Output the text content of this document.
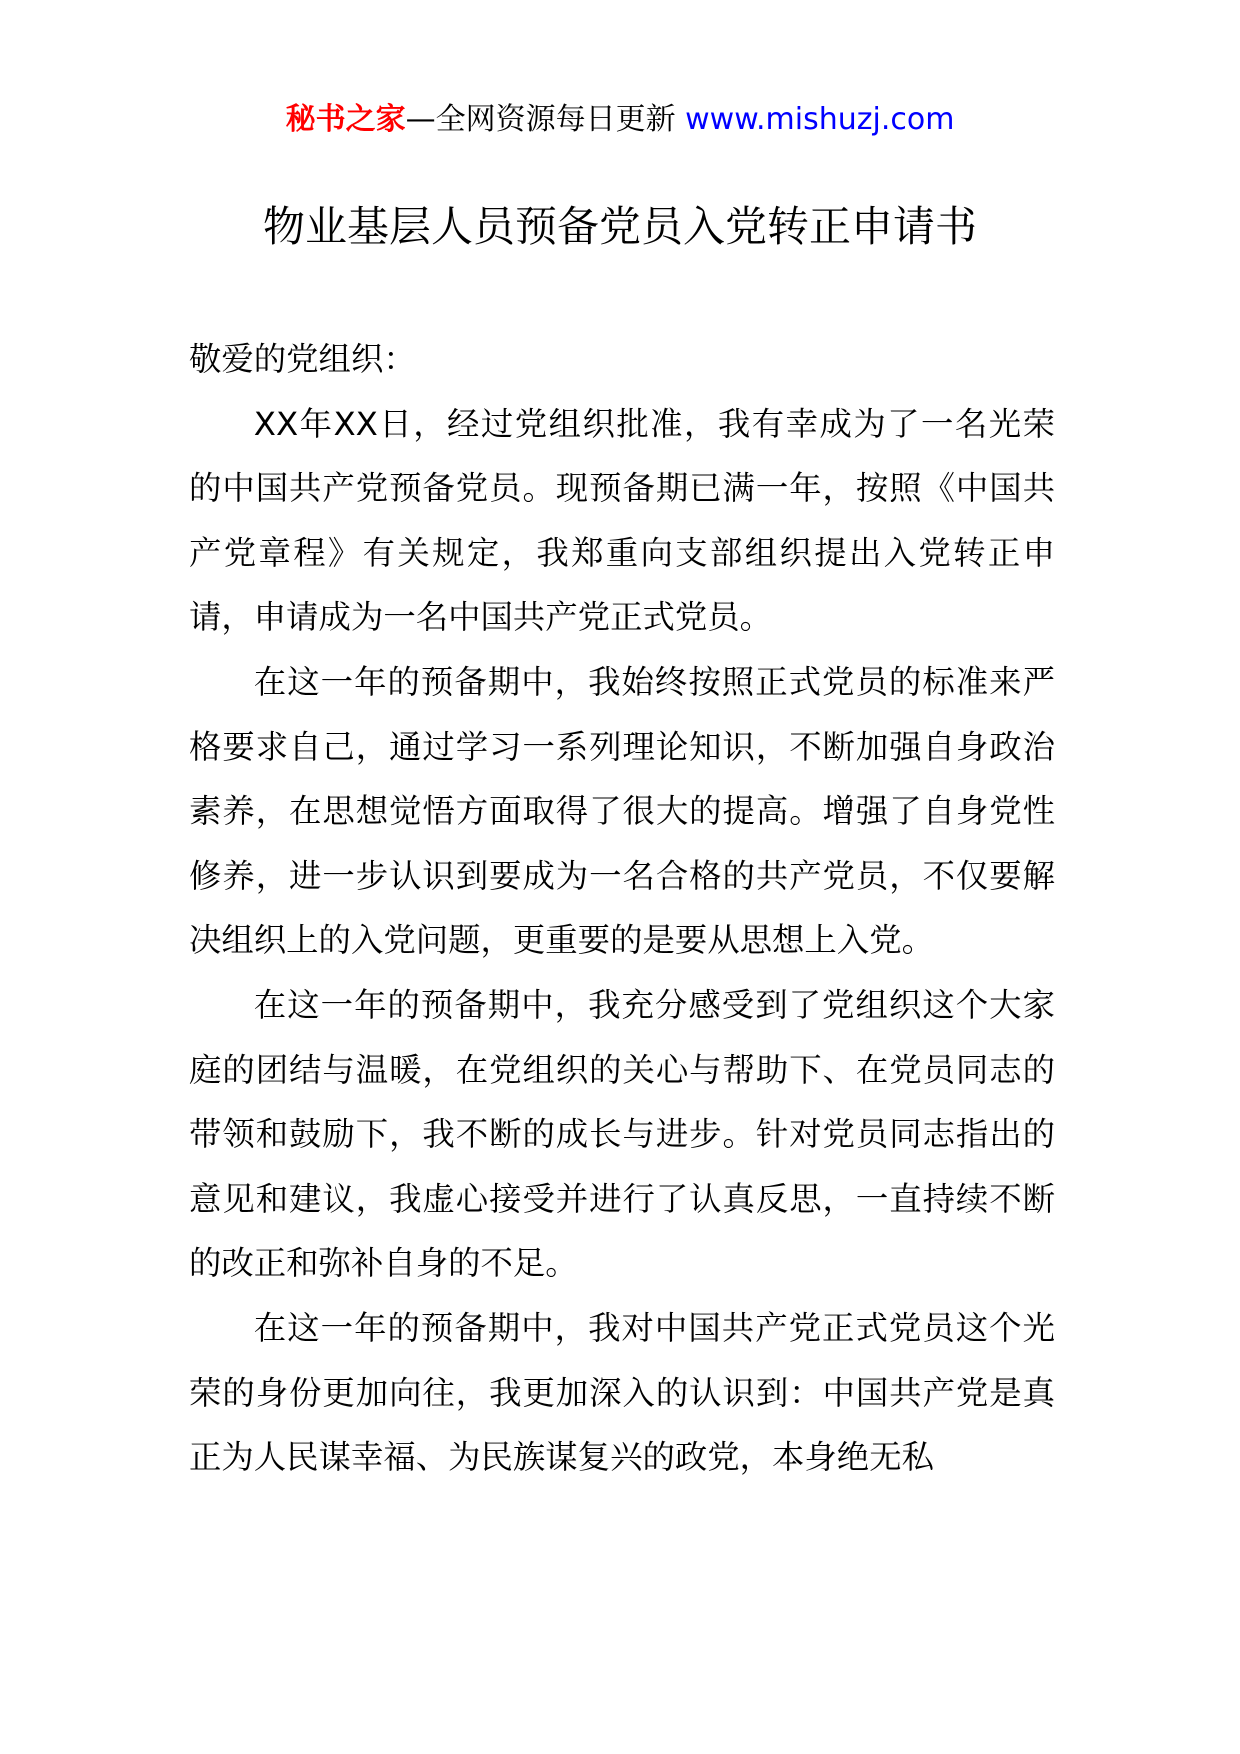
秘书之家—全网资源每日更新 www.mishuzj.com
物业基层人员预备党员入党转正申请书

敬爱的党组织：

XX年XX日，经过党组织批准，我有幸成为了一名光荣的中国共产党预备党员。现预备期已满一年，按照《中国共产党章程》有关规定，我郑重向支部组织提出入党转正申请，申请成为一名中国共产党正式党员。

在这一年的预备期中，我始终按照正式党员的标准来严格要求自己，通过学习一系列理论知识，不断加强自身政治素养，在思想觉悟方面取得了很大的提高。增强了自身党性修养，进一步认识到要成为一名合格的共产党员，不仅要解决组织上的入党问题，更重要的是要从思想上入党。

在这一年的预备期中，我充分感受到了党组织这个大家庭的团结与温暖，在党组织的关心与帮助下、在党员同志的带领和鼓励下，我不断的成长与进步。针对党员同志指出的意见和建议，我虚心接受并进行了认真反思，一直持续不断的改正和弥补自身的不足。

在这一年的预备期中，我对中国共产党正式党员这个光荣的身份更加向往，我更加深入的认识到：中国共产党是真正为人民谋幸福、为民族谋复兴的政党，本身绝无私
